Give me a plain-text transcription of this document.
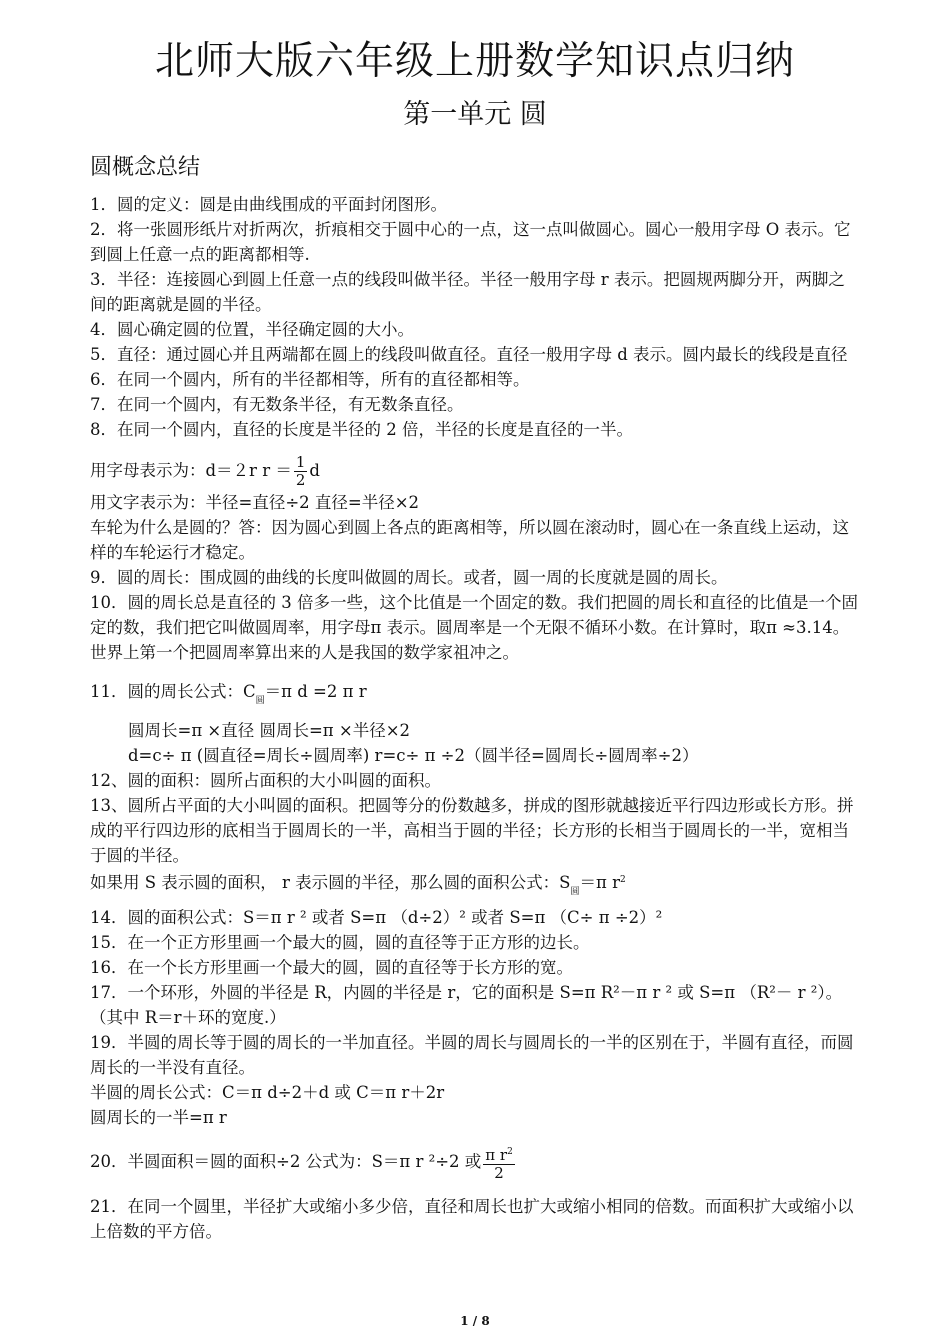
北师大版六年级上册数学知识点归纳
第一单元 圆
圆概念总结

1．圆的定义：圆是由曲线围成的平面封闭图形。

2．将一张圆形纸片对折两次，折痕相交于圆中心的一点，这一点叫做圆心。圆心一般用字母 O 表示。它到圆上任意一点的距离都相等.

3．半径：连接圆心到圆上任意一点的线段叫做半径。半径一般用字母 r 表示。把圆规两脚分开，两脚之间的距离就是圆的半径。

4．圆心确定圆的位置，半径确定圆的大小。

5．直径：通过圆心并且两端都在圆上的线段叫做直径。直径一般用字母 d 表示。圆内最长的线段是直径

6．在同一个圆内，所有的半径都相等，所有的直径都相等。

7．在同一个圆内，有无数条半径，有无数条直径。

8．在同一个圆内，直径的长度是半径的 2 倍，半径的长度是直径的一半。

用字母表示为：d＝２r $r = \frac{1}{2}$ d

用文字表示为：半径=直径÷2 直径=半径×2

车轮为什么是圆的？答：因为圆心到圆上各点的距离相等，所以圆在滚动时，圆心在一条直线上运动，这样的车轮运行才稳定。

9．圆的周长：围成圆的曲线的长度叫做圆的周长。或者，圆一周的长度就是圆的周长。

10．圆的周长总是直径的 3 倍多一些，这个比值是一个固定的数。我们把圆的周长和直径的比值是一个固定的数，我们把它叫做圆周率，用字母π 表示。圆周率是一个无限不循环小数。在计算时，取π ≈3.14。世界上第一个把圆周率算出来的人是我国的数学家祖冲之。

11．圆的周长公式：$C_圆=\pi$ d =2 π r

圆周长=π ×直径 圆周长=π ×半径×2

d=c÷ π (圆直径=周长÷圆周率) r=c÷ π ÷2（圆半径=圆周长÷圆周率÷2）

12、圆的面积：圆所占面积的大小叫圆的面积。

13、圆所占平面的大小叫圆的面积。把圆等分的份数越多，拼成的图形就越接近平行四边形或长方形。拼成的平行四边形的底相当于圆周长的一半，高相当于圆的半径；长方形的长相当于圆周长的一半，宽相当于圆的半径。

如果用 S 表示圆的面积， r 表示圆的半径，那么圆的面积公式：$S_圆=\pi$ $r^2$

14．圆的面积公式：S＝π r ² 或者 S=π （d÷2）² 或者 S=π （C÷ π ÷2）²

15．在一个正方形里画一个最大的圆，圆的直径等于正方形的边长。

16．在一个长方形里画一个最大的圆，圆的直径等于长方形的宽。

17．一个环形，外圆的半径是 R，内圆的半径是 r，它的面积是 S=π R²－π r ² 或 S=π （R²－ r ²）。

（其中 R＝r＋环的宽度.）

19．半圆的周长等于圆的周长的一半加直径。半圆的周长与圆周长的一半的区别在于，半圆有直径，而圆周长的一半没有直径。

半圆的周长公式：C＝π d÷2＋d 或 C＝π r＋2r

圆周长的一半=π r

20．半圆面积＝圆的面积÷2 公式为：S＝π r ²÷2 或 $\frac{\pi r^2}{2}$

21．在同一个圆里，半径扩大或缩小多少倍，直径和周长也扩大或缩小相同的倍数。而面积扩大或缩小以上倍数的平方倍。

1 / 8
